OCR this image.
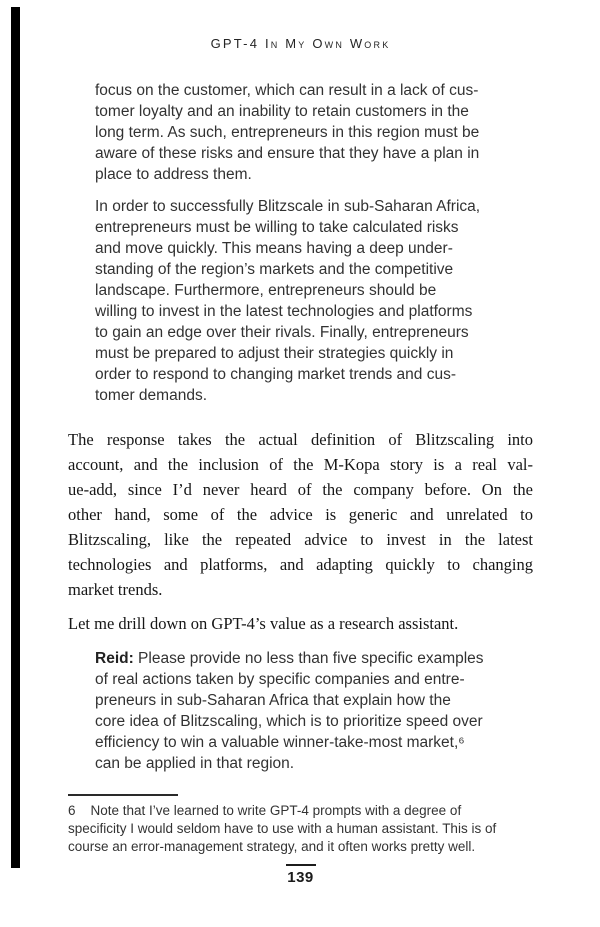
GPT-4 In My Own Work
focus on the customer, which can result in a lack of cus-
tomer loyalty and an inability to retain customers in the
long term. As such, entrepreneurs in this region must be
aware of these risks and ensure that they have a plan in
place to address them.
In order to successfully Blitzscale in sub-Saharan Africa,
entrepreneurs must be willing to take calculated risks
and move quickly. This means having a deep under-
standing of the region’s markets and the competitive
landscape. Furthermore, entrepreneurs should be
willing to invest in the latest technologies and platforms
to gain an edge over their rivals. Finally, entrepreneurs
must be prepared to adjust their strategies quickly in
order to respond to changing market trends and cus-
tomer demands.
The response takes the actual definition of Blitzscaling into
account, and the inclusion of the M-Kopa story is a real val-
ue-add, since I’d never heard of the company before. On the
other hand, some of the advice is generic and unrelated to
Blitzscaling, like the repeated advice to invest in the latest
technologies and platforms, and adapting quickly to changing
market trends.
Let me drill down on GPT-4’s value as a research assistant.
Reid: Please provide no less than five specific examples
of real actions taken by specific companies and entre-
preneurs in sub-Saharan Africa that explain how the
core idea of Blitzscaling, which is to prioritize speed over
efficiency to win a valuable winner-take-most market,⁶
can be applied in that region.
6    Note that I’ve learned to write GPT-4 prompts with a degree of
specificity I would seldom have to use with a human assistant. This is of
course an error-management strategy, and it often works pretty well.
139
